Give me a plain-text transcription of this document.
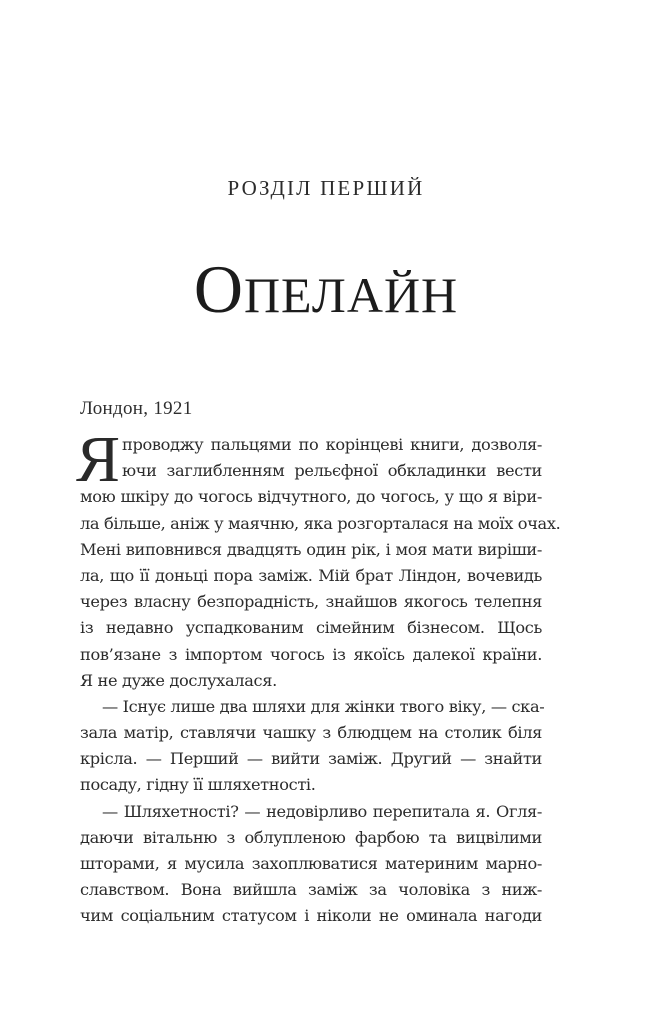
РОЗДІЛ ПЕРШИЙ
ОПЕЛАЙН
Лондон, 1921
Я проводжу пальцями по корінцеві книги, дозволя-
ючи заглибленням рельєфної обкладинки вести
мою шкіру до чогось відчутного, до чогось, у що я віри-
ла більше, аніж у маячню, яка розгорталася на моїх очах.
Мені виповнився двадцять один рік, і моя мати виріши-
ла, що її доньці пора заміж. Мій брат Ліндон, вочевидь
через власну безпорадність, знайшов якогось телепня
із недавно успадкованим сімейним бізнесом. Щось
пов’язане з імпортом чогось із якоїсь далекої країни.
Я не дуже дослухалася.
— Існує лише два шляхи для жінки твого віку, — ска-
зала матір, ставлячи чашку з блюдцем на столик біля
крісла. — Перший — вийти заміж. Другий — знайти
посаду, гідну її шляхетності.
— Шляхетності? — недовірливо перепитала я. Огля-
даючи вітальню з облупленою фарбою та вицвілими
шторами, я мусила захоплюватися материним марно-
славством. Вона вийшла заміж за чоловіка з ниж-
чим соціальним статусом і ніколи не оминала нагоди
